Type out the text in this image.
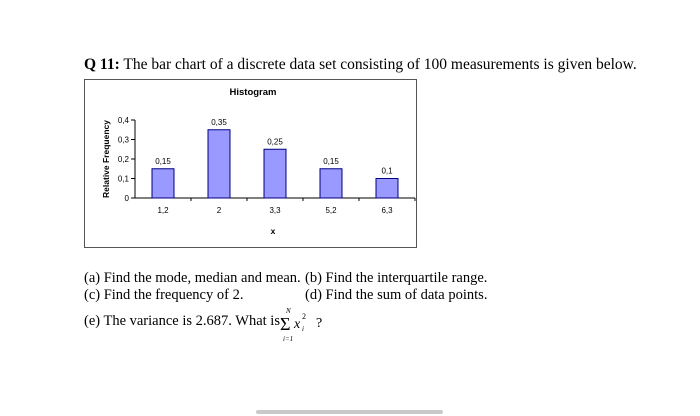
Q 11: The bar chart of a discrete data set consisting of 100 measurements is given below.
Histogram
Relative Frequency
0
0,1
0,2
0,3
0,4
0,15
1,2
0,35
2
0,25
3,3
0,15
5,2
0,1
6,3
x
(a) Find the mode, median and mean. (b) Find the interquartile range.
(c) Find the frequency of 2.	(d) Find the sum of data points.
(e) The variance is 2.687. What is
N
Σ
i=1
x
2
i ?
